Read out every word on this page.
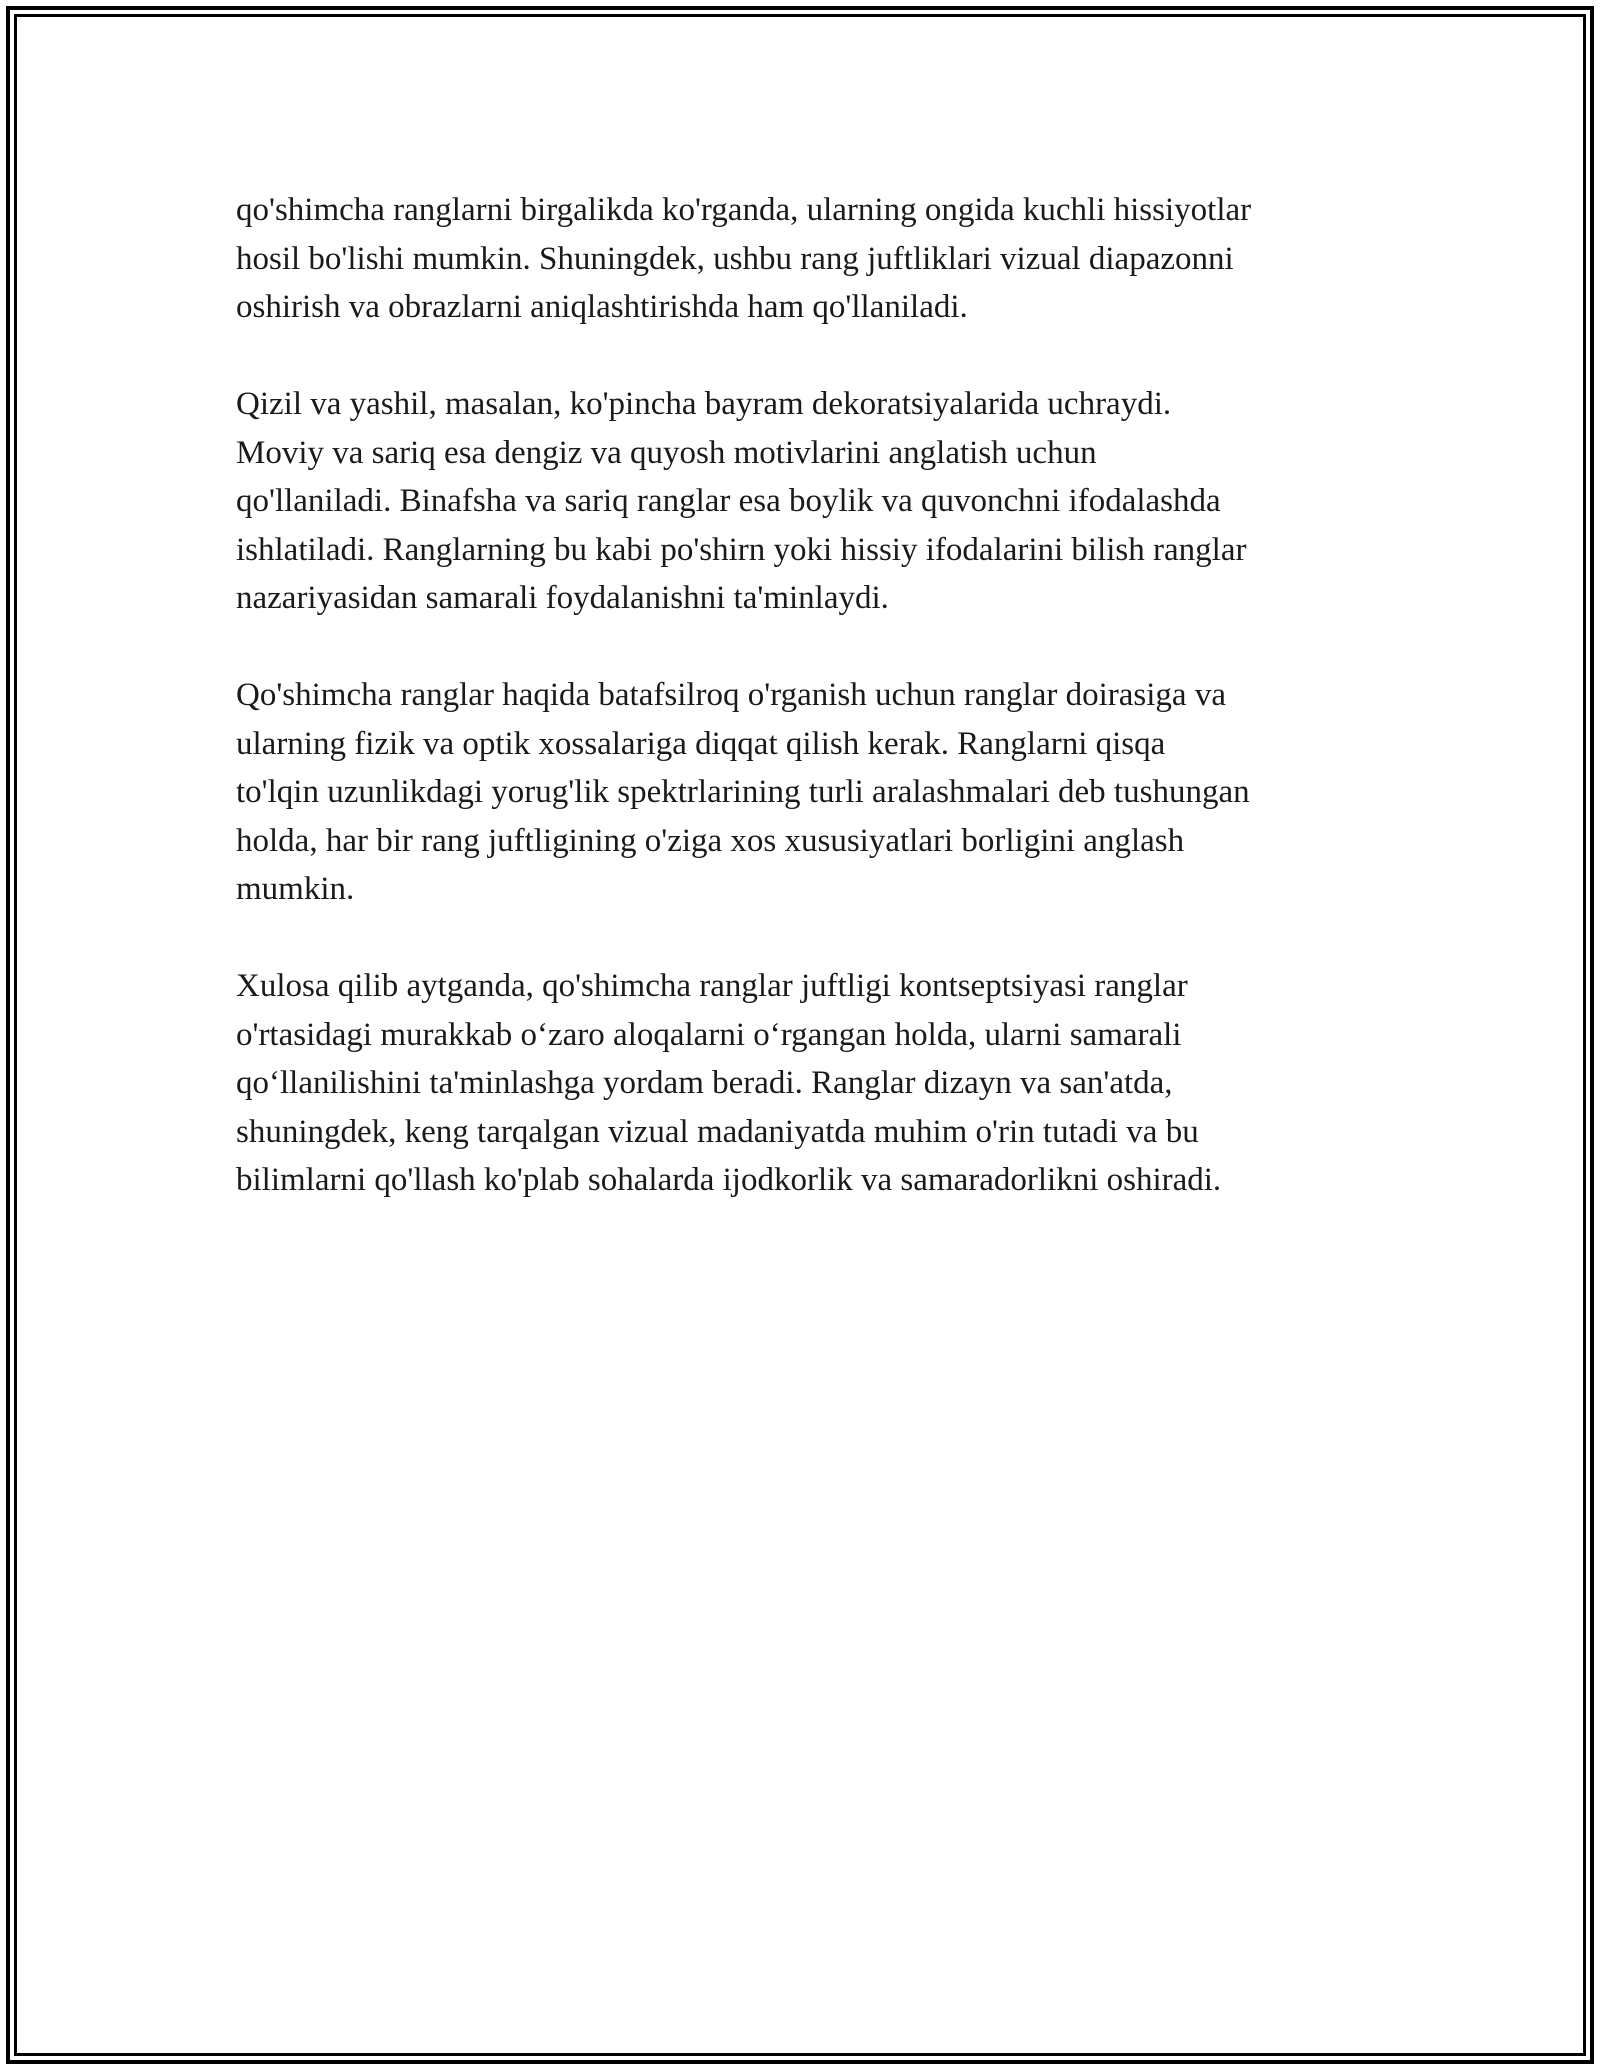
qo'shimcha ranglarni birgalikda ko'rganda, ularning ongida kuchli hissiyotlar
hosil bo'lishi mumkin. Shuningdek, ushbu rang juftliklari vizual diapazonni
oshirish va obrazlarni aniqlashtirishda ham qo'llaniladi.

Qizil va yashil, masalan, ko'pincha bayram dekoratsiyalarida uchraydi.
Moviy va sariq esa dengiz va quyosh motivlarini anglatish uchun
qo'llaniladi. Binafsha va sariq ranglar esa boylik va quvonchni ifodalashda
ishlatiladi. Ranglarning bu kabi po'shirn yoki hissiy ifodalarini bilish ranglar
nazariyasidan samarali foydalanishni ta'minlaydi.

Qo'shimcha ranglar haqida batafsilroq o'rganish uchun ranglar doirasiga va
ularning fizik va optik xossalariga diqqat qilish kerak. Ranglarni qisqa
to'lqin uzunlikdagi yorug'lik spektrlarining turli aralashmalari deb tushungan
holda, har bir rang juftligining o'ziga xos xususiyatlari borligini anglash
mumkin.

Xulosa qilib aytganda, qo'shimcha ranglar juftligi kontseptsiyasi ranglar
o'rtasidagi murakkab o‘zaro aloqalarni o‘rgangan holda, ularni samarali
qo‘llanilishini ta'minlashga yordam beradi. Ranglar dizayn va san'atda,
shuningdek, keng tarqalgan vizual madaniyatda muhim o'rin tutadi va bu
bilimlarni qo'llash ko'plab sohalarda ijodkorlik va samaradorlikni oshiradi.
